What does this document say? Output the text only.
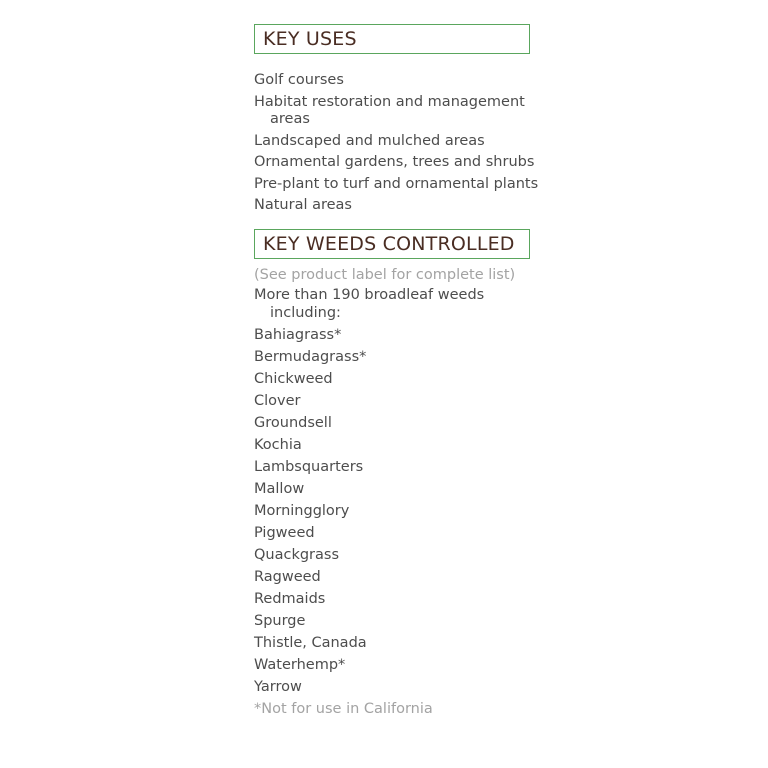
KEY USES
Golf courses
Habitat restoration and management areas
Landscaped and mulched areas
Ornamental gardens, trees and shrubs
Pre-plant to turf and ornamental plants
Natural areas
KEY WEEDS CONTROLLED
(See product label for complete list)
More than 190 broadleaf weeds including:
Bahiagrass*
Bermudagrass*
Chickweed
Clover
Groundsell
Kochia
Lambsquarters
Mallow
Morningglory
Pigweed
Quackgrass
Ragweed
Redmaids
Spurge
Thistle, Canada
Waterhemp*
Yarrow
*Not for use in California
